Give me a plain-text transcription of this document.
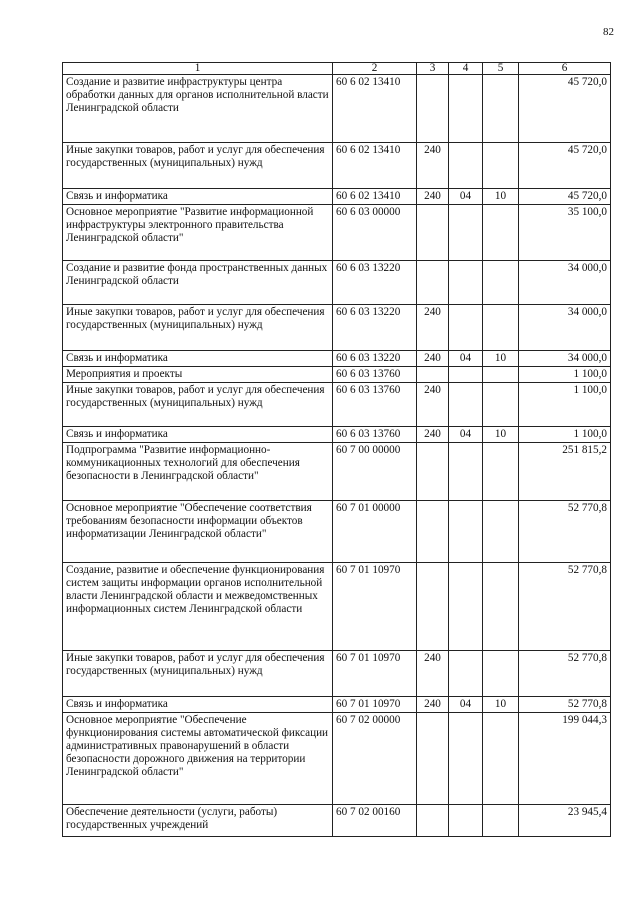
82
1	2	3	4	5	6
Создание и развитие инфраструктуры центра обработки данных для органов исполнительной власти Ленинградской области	60 6 02 13410				45 720,0
Иные закупки товаров, работ и услуг для обеспечения государственных (муниципальных) нужд	60 6 02 13410	240			45 720,0
Связь и информатика	60 6 02 13410	240	04	10	45 720,0
Основное мероприятие "Развитие информационной инфраструктуры электронного правительства Ленинградской области"	60 6 03 00000				35 100,0
Создание и развитие фонда пространственных данных Ленинградской области	60 6 03 13220				34 000,0
Иные закупки товаров, работ и услуг для обеспечения государственных (муниципальных) нужд	60 6 03 13220	240			34 000,0
Связь и информатика	60 6 03 13220	240	04	10	34 000,0
Мероприятия и проекты	60 6 03 13760				1 100,0
Иные закупки товаров, работ и услуг для обеспечения государственных (муниципальных) нужд	60 6 03 13760	240			1 100,0
Связь и информатика	60 6 03 13760	240	04	10	1 100,0
Подпрограмма "Развитие информационно-коммуникационных технологий для обеспечения безопасности в Ленинградской области"	60 7 00 00000				251 815,2
Основное мероприятие "Обеспечение соответствия требованиям безопасности информации объектов информатизации Ленинградской области"	60 7 01 00000				52 770,8
Создание, развитие и обеспечение функционирования систем защиты информации органов исполнительной власти Ленинградской области и межведомственных информационных систем Ленинградской области	60 7 01 10970				52 770,8
Иные закупки товаров, работ и услуг для обеспечения государственных (муниципальных) нужд	60 7 01 10970	240			52 770,8
Связь и информатика	60 7 01 10970	240	04	10	52 770,8
Основное мероприятие "Обеспечение функционирования системы автоматической фиксации административных правонарушений в области безопасности дорожного движения на территории Ленинградской области"	60 7 02 00000				199 044,3
Обеспечение деятельности (услуги, работы) государственных учреждений	60 7 02 00160				23 945,4
